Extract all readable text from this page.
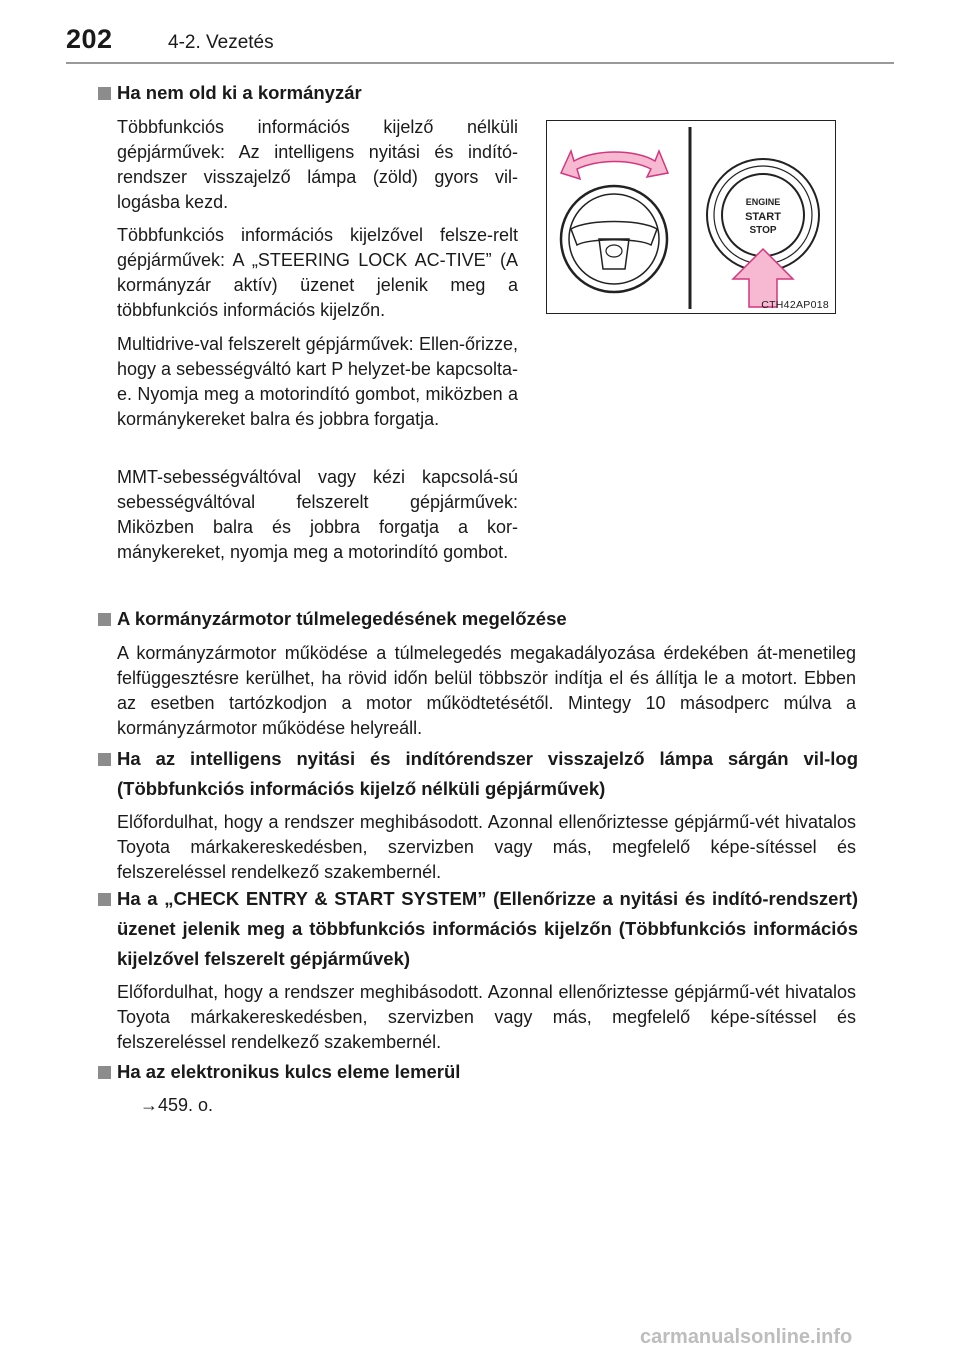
202	4-2. Vezetés
Ha nem old ki a kormányzár

Többfunkciós információs kijelző nélküli gépjárművek: Az intelligens nyitási és indító-rendszer visszajelző lámpa (zöld) gyors vil-logásba kezd.

Többfunkciós információs kijelzővel felsze-relt gépjárművek: A „STEERING LOCK AC-TIVE” (A kormányzár aktív) üzenet jelenik meg a többfunkciós információs kijelzőn.

Multidrive-val felszerelt gépjárművek: Ellen-őrizze, hogy a sebességváltó kart P helyzet-be kapcsolta-e. Nyomja meg a motorindító gombot, miközben a kormánykereket balra és jobbra forgatja.

MMT-sebességváltóval vagy kézi kapcsolá-sú sebességváltóval felszerelt gépjárművek: Miközben balra és jobbra forgatja a kor-mánykereket, nyomja meg a motorindító gombot.

ENGINE
START
STOP
CTH42AP018
A kormányzármotor túlmelegedésének megelőzése

A kormányzármotor működése a túlmelegedés megakadályozása érdekében át-menetileg felfüggesztésre kerülhet, ha rövid időn belül többször indítja el és állítja le a motort. Ebben az esetben tartózkodjon a motor működtetésétől. Mintegy 10 másodperc múlva a kormányzármotor működése helyreáll.

Ha az intelligens nyitási és indítórendszer visszajelző lámpa sárgán vil-log (Többfunkciós információs kijelző nélküli gépjárművek)

Előfordulhat, hogy a rendszer meghibásodott. Azonnal ellenőriztesse gépjármű-vét hivatalos Toyota márkakereskedésben, szervizben vagy más, megfelelő képe-sítéssel és felszereléssel rendelkező szakembernél.

Ha a „CHECK ENTRY & START SYSTEM” (Ellenőrizze a nyitási és indító-rendszert) üzenet jelenik meg a többfunkciós információs kijelzőn (Többfunkciós információs kijelzővel felszerelt gépjárművek)

Előfordulhat, hogy a rendszer meghibásodott. Azonnal ellenőriztesse gépjármű-vét hivatalos Toyota márkakereskedésben, szervizben vagy más, megfelelő képe-sítéssel és felszereléssel rendelkező szakembernél.

Ha az elektronikus kulcs eleme lemerül

→459. o.

carmanualsonline.info
